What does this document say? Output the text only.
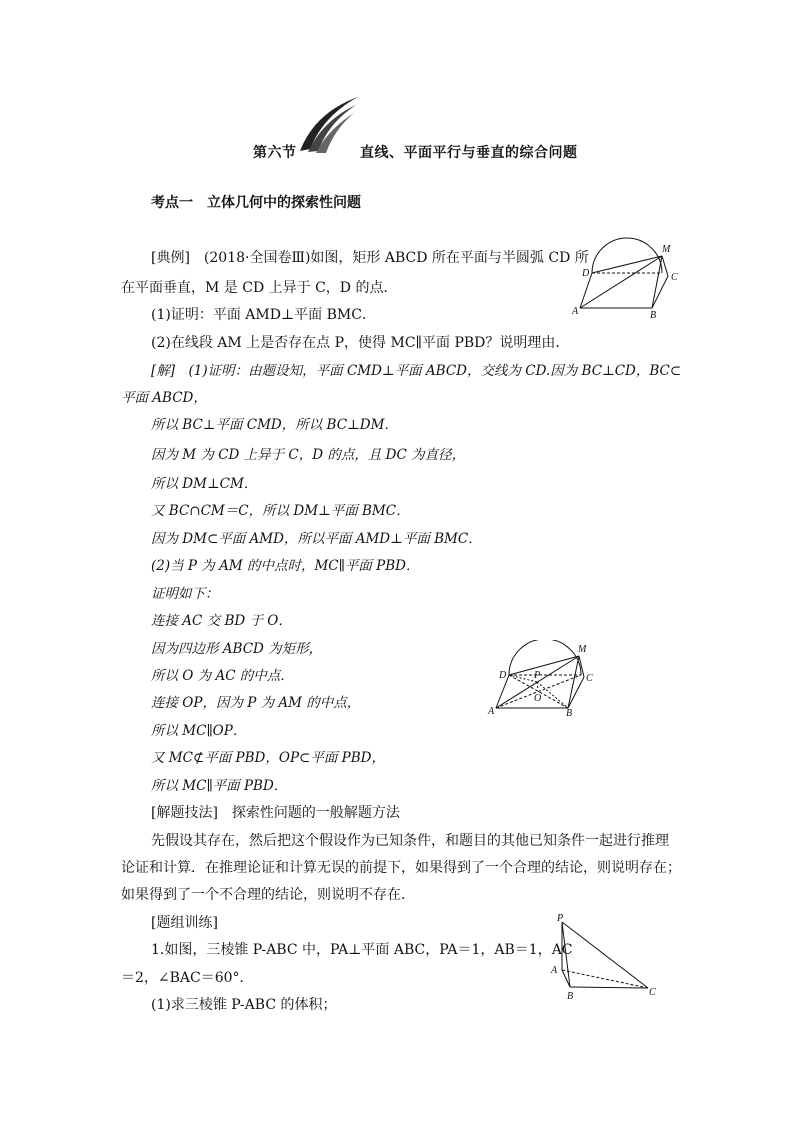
第六节	直线、平面平行与垂直的综合问题
考点一　立体几何中的探索性问题
[典例]　(2018·全国卷Ⅲ)如图，矩形 ABCD 所在平面与半圆弧 CD 所
在平面垂直，M 是 CD 上异于 C，D 的点．
(1)证明：平面 AMD⊥平面 BMC．
(2)在线段 AM 上是否存在点 P，使得 MC∥平面 PBD？说明理由．
M
D	C
A	B
[解]　(1)证明：由题设知，平面 CMD⊥平面 ABCD，交线为 CD.因为 BC⊥CD，BC⊂
平面 ABCD，
所以 BC⊥平面 CMD，所以 BC⊥DM．
因为 M 为 CD 上异于 C，D 的点，且 DC 为直径，
所以 DM⊥CM．
又 BC∩CM＝C，所以 DM⊥平面 BMC．
因为 DM⊂平面 AMD，所以平面 AMD⊥平面 BMC．
(2)当 P 为 AM 的中点时，MC∥平面 PBD．
证明如下：
连接 AC 交 BD 于 O．
因为四边形 ABCD 为矩形，
所以 O 为 AC 的中点．
连接 OP，因为 P 为 AM 的中点，
所以 MC∥OP．
又 MC⊄平面 PBD，OP⊂平面 PBD，
所以 MC∥平面 PBD．
M
D	P	C
O
A	B
[解题技法]　探索性问题的一般解题方法
先假设其存在，然后把这个假设作为已知条件，和题目的其他已知条件一起进行推理
论证和计算．在推理论证和计算无误的前提下，如果得到了一个合理的结论，则说明存在；
如果得到了一个不合理的结论，则说明不存在．
[题组训练]
1.如图，三棱锥 P-ABC 中，PA⊥平面 ABC，PA＝1，AB＝1，AC
＝2，∠BAC＝60°．
(1)求三棱锥 P-ABC 的体积；
P
A
B	C
